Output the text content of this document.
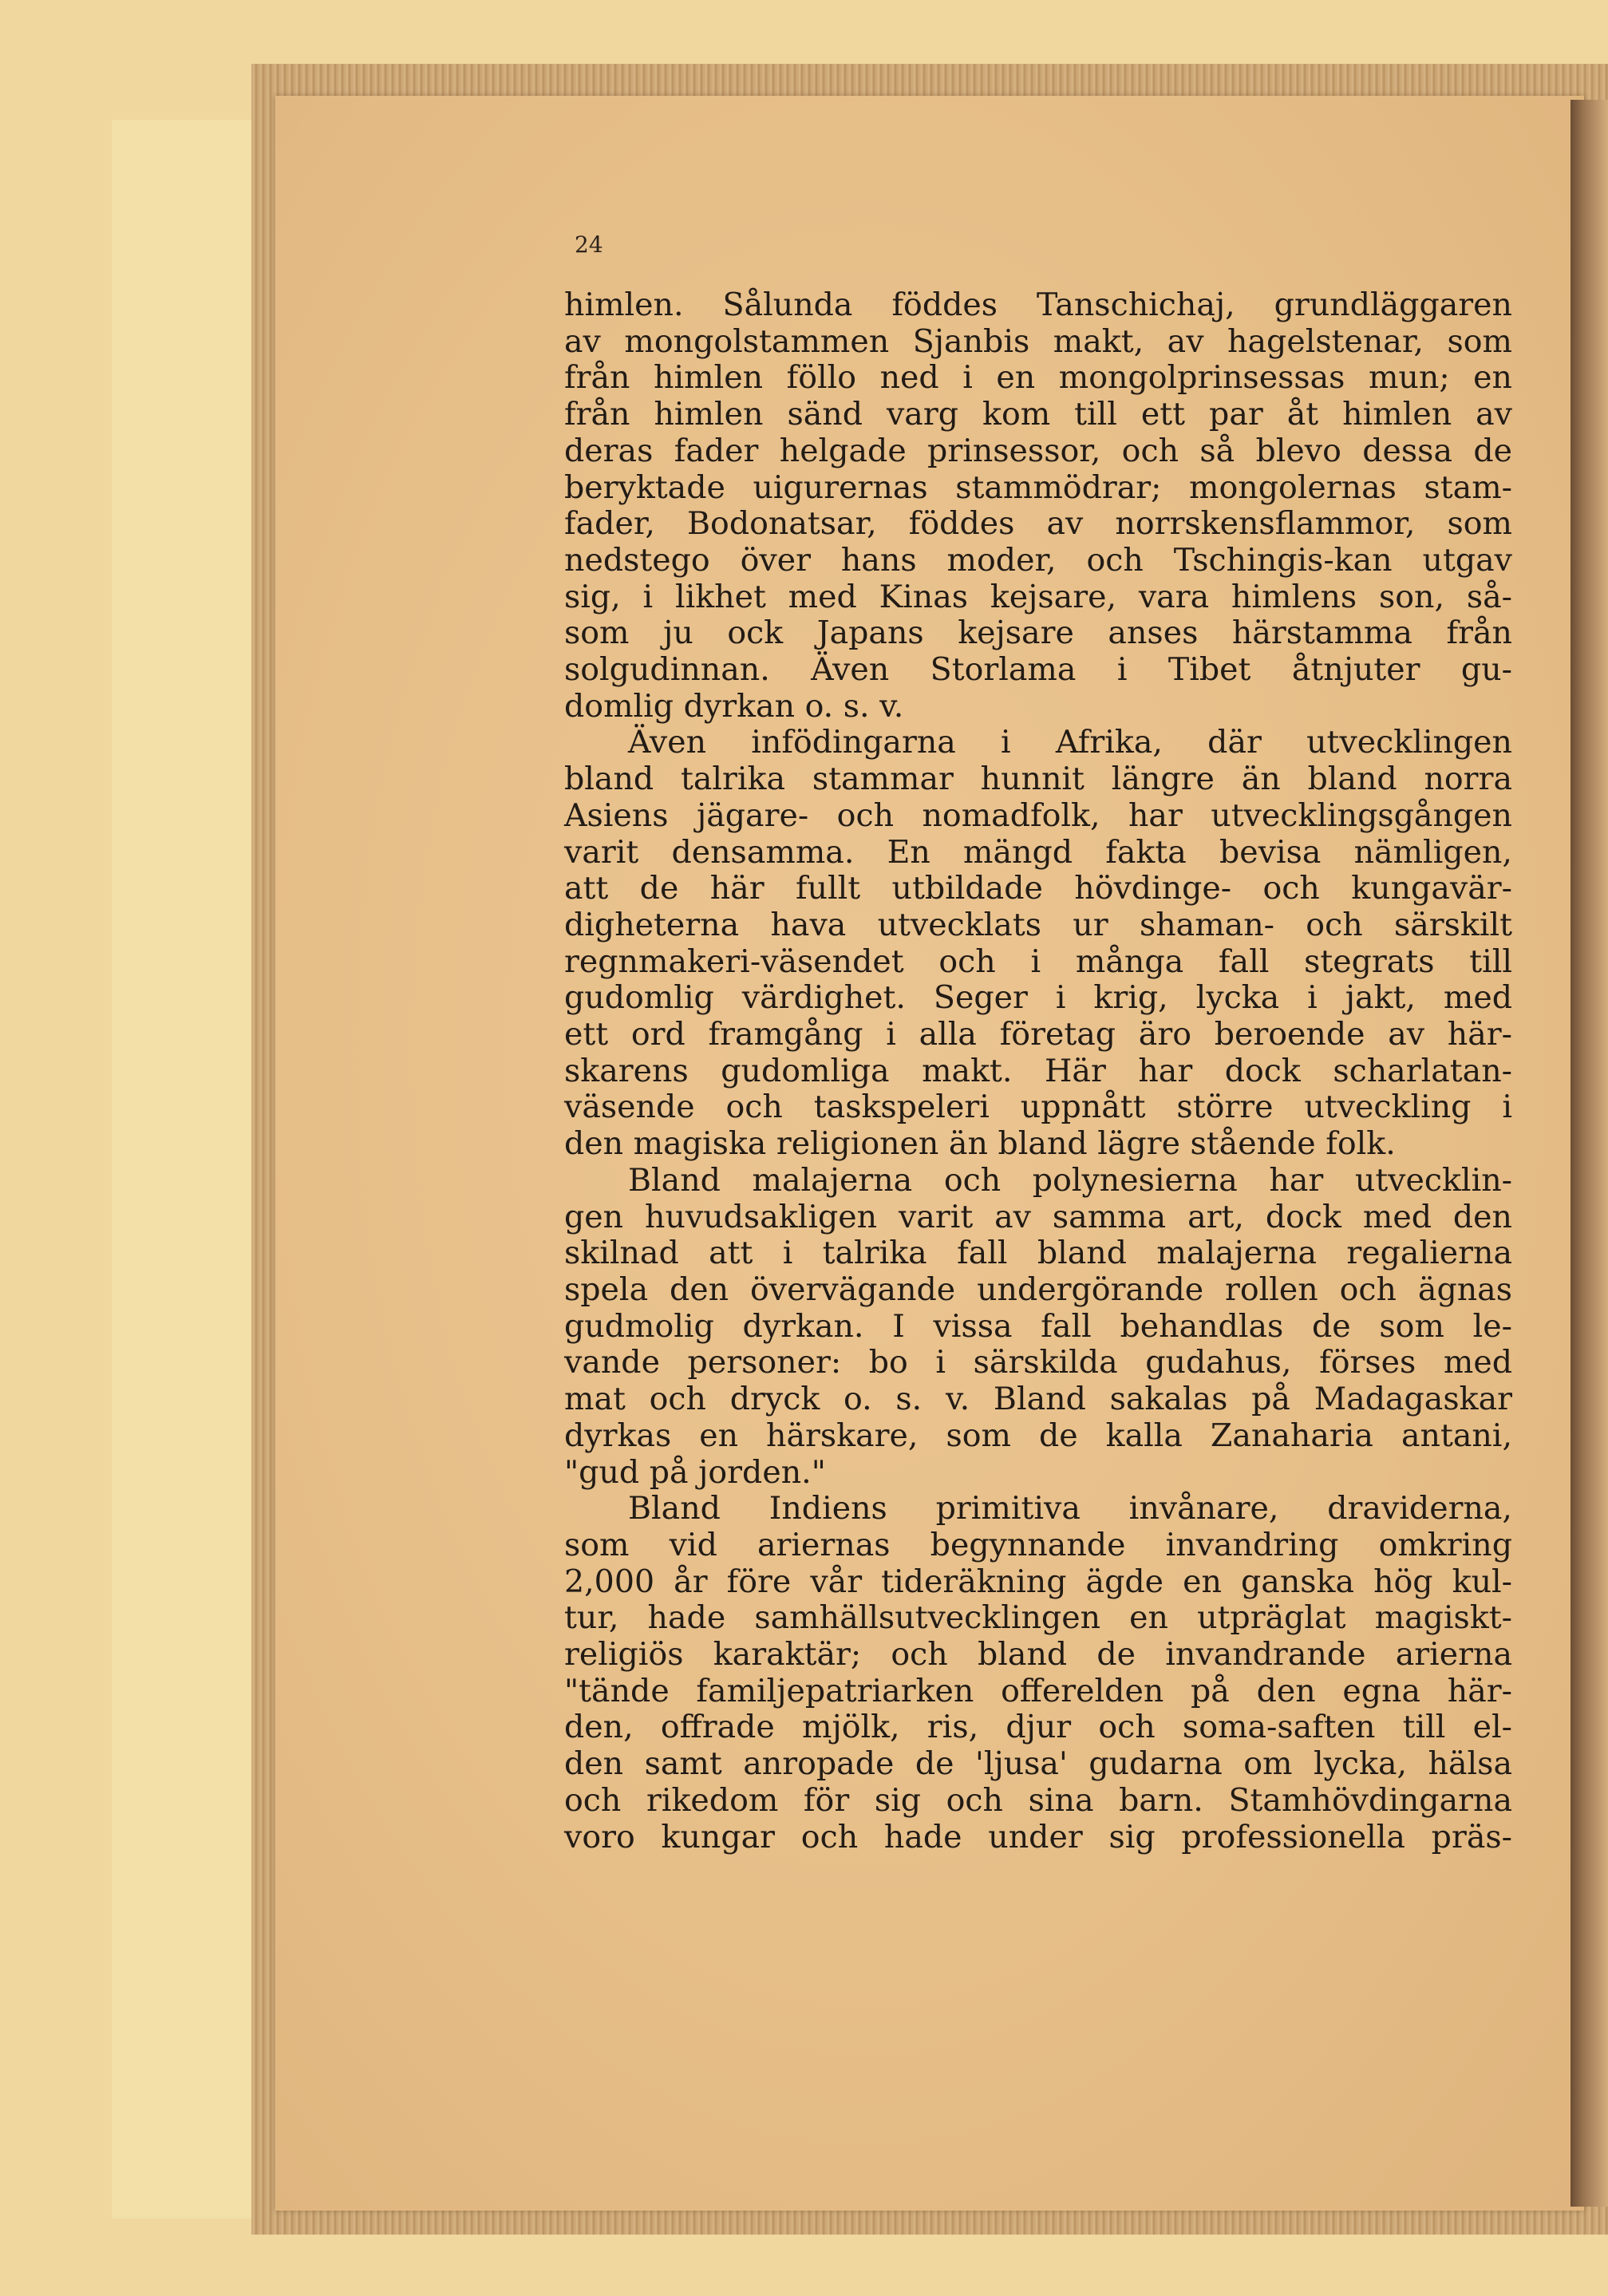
24

himlen. Sålunda föddes Tanschichaj, grundläggaren
av mongolstammen Sjanbis makt, av hagelstenar, som
från himlen föllo ned i en mongolprinsessas mun; en
från himlen sänd varg kom till ett par åt himlen av
deras fader helgade prinsessor, och så blevo dessa de
beryktade uigurernas stammödrar; mongolernas stam-
fader, Bodonatsar, föddes av norrskensflammor, som
nedstego över hans moder, och Tschingis-kan utgav
sig, i likhet med Kinas kejsare, vara himlens son, så-
som ju ock Japans kejsare anses härstamma från
solgudinnan. Även Storlama i Tibet åtnjuter gu-
domlig dyrkan o. s. v.
Även infödingarna i Afrika, där utvecklingen
bland talrika stammar hunnit längre än bland norra
Asiens jägare- och nomadfolk, har utvecklingsgången
varit densamma. En mängd fakta bevisa nämligen,
att de här fullt utbildade hövdinge- och kungavär-
digheterna hava utvecklats ur shaman- och särskilt
regnmakeri-väsendet och i många fall stegrats till
gudomlig värdighet. Seger i krig, lycka i jakt, med
ett ord framgång i alla företag äro beroende av här-
skarens gudomliga makt. Här har dock scharlatan-
väsende och taskspeleri uppnått större utveckling i
den magiska religionen än bland lägre stående folk.
Bland malajerna och polynesierna har utvecklin-
gen huvudsakligen varit av samma art, dock med den
skilnad att i talrika fall bland malajerna regalierna
spela den övervägande undergörande rollen och ägnas
gudmolig dyrkan. I vissa fall behandlas de som le-
vande personer: bo i särskilda gudahus, förses med
mat och dryck o. s. v. Bland sakalas på Madagaskar
dyrkas en härskare, som de kalla Zanaharia antani,
"gud på jorden."
Bland Indiens primitiva invånare, draviderna,
som vid ariernas begynnande invandring omkring
2,000 år före vår tideräkning ägde en ganska hög kul-
tur, hade samhällsutvecklingen en utpräglat magiskt-
religiös karaktär; och bland de invandrande arierna
"tände familjepatriarken offerelden på den egna här-
den, offrade mjölk, ris, djur och soma-saften till el-
den samt anropade de 'ljusa' gudarna om lycka, hälsa
och rikedom för sig och sina barn. Stamhövdingarna
voro kungar och hade under sig professionella präs-
